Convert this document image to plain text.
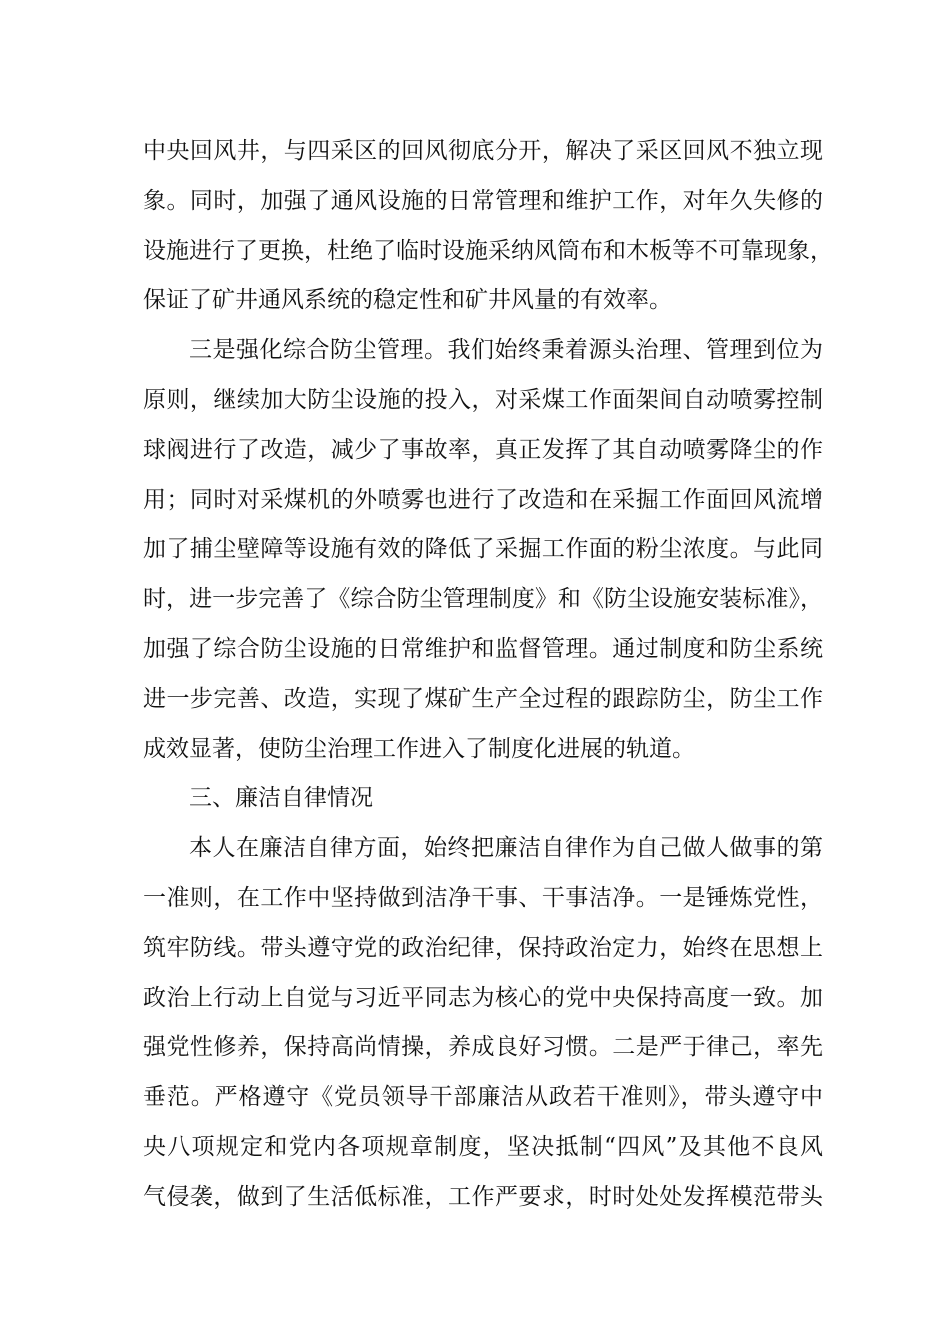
中央回风井，与四采区的回风彻底分开，解决了采区回风不独立现
象。同时，加强了通风设施的日常管理和维护工作，对年久失修的
设施进行了更换，杜绝了临时设施采纳风筒布和木板等不可靠现象，
保证了矿井通风系统的稳定性和矿井风量的有效率。
三是强化综合防尘管理。我们始终秉着源头治理、管理到位为
原则，继续加大防尘设施的投入，对采煤工作面架间自动喷雾控制
球阀进行了改造，减少了事故率，真正发挥了其自动喷雾降尘的作
用；同时对采煤机的外喷雾也进行了改造和在采掘工作面回风流增
加了捕尘壁障等设施有效的降低了采掘工作面的粉尘浓度。与此同
时，进一步完善了《综合防尘管理制度》和《防尘设施安装标准》，
加强了综合防尘设施的日常维护和监督管理。通过制度和防尘系统
进一步完善、改造，实现了煤矿生产全过程的跟踪防尘，防尘工作
成效显著，使防尘治理工作进入了制度化进展的轨道。
三、廉洁自律情况
本人在廉洁自律方面，始终把廉洁自律作为自己做人做事的第
一准则，在工作中坚持做到洁净干事、干事洁净。一是锤炼党性，
筑牢防线。带头遵守党的政治纪律，保持政治定力，始终在思想上
政治上行动上自觉与习近平同志为核心的党中央保持高度一致。加
强党性修养，保持高尚情操，养成良好习惯。二是严于律己，率先
垂范。严格遵守《党员领导干部廉洁从政若干准则》，带头遵守中
央八项规定和党内各项规章制度，坚决抵制“四风”及其他不良风
气侵袭，做到了生活低标准，工作严要求，时时处处发挥模范带头
